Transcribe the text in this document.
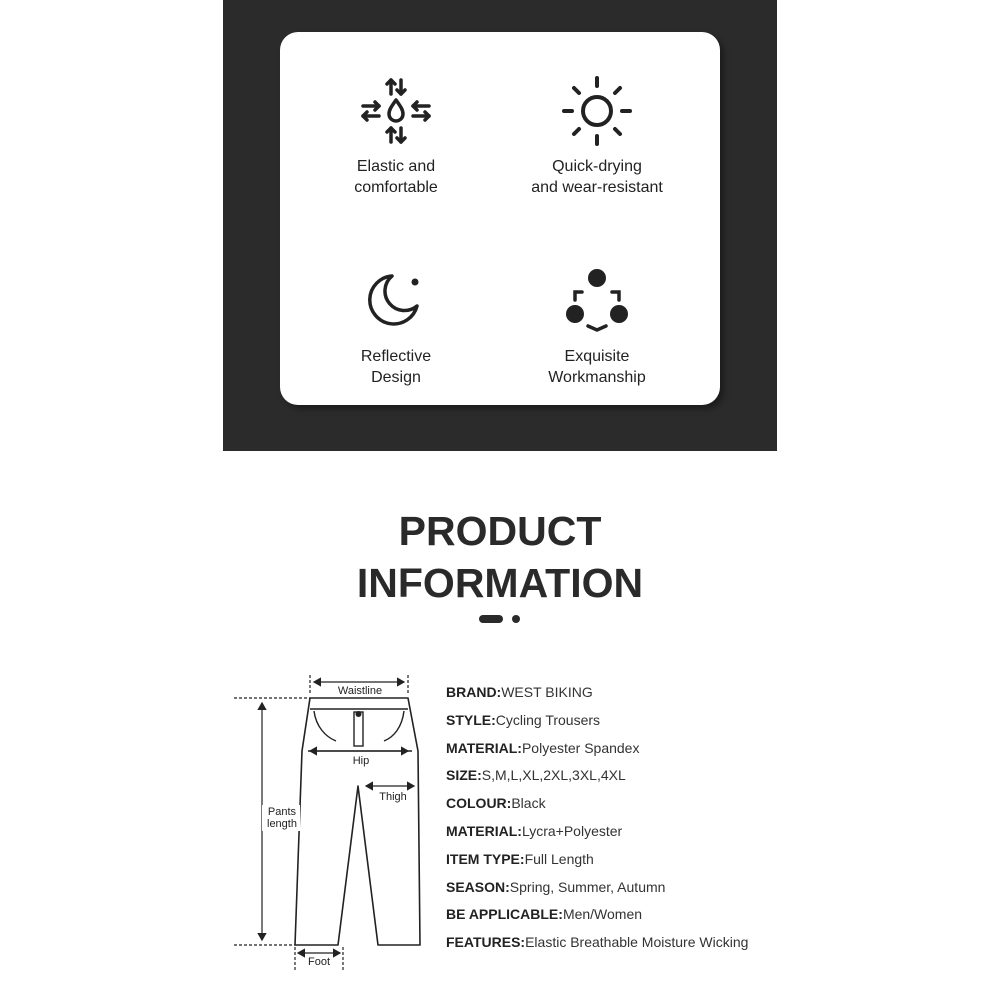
Elastic and
comfortable
Quick-drying
and wear-resistant
Reflective
Design
Exquisite
Workmanship
PRODUCT
INFORMATION
Waistline
Hip
Thigh
Pants
length
Foot
BRAND:WEST BIKING
STYLE:Cycling Trousers
MATERIAL:Polyester Spandex
SIZE:S,M,L,XL,2XL,3XL,4XL
COLOUR:Black
MATERIAL:Lycra+Polyester
ITEM TYPE:Full Length
SEASON:Spring, Summer, Autumn
BE APPLICABLE:Men/Women
FEATURES:Elastic Breathable Moisture Wicking
